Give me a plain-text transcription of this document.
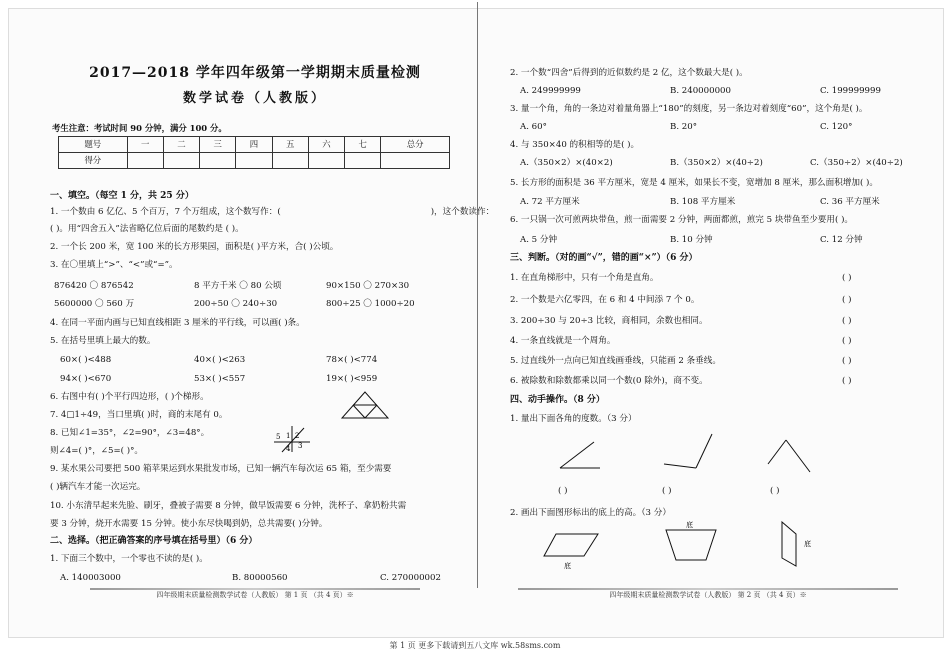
2017—2018 学年四年级第一学期期末质量检测
数学试卷（人教版）
考生注意：考试时间 90 分钟，满分 100 分。
题号	一	二	三	四	五	六	七	总分
得分								
一、填空。（每空 1 分，共 25 分）
1. 一个数由 6 亿亿、5 个百万，7 个万组成，这个数写作：(	)，这个数读作：
( )。用“四舍五入”法省略亿位后面的尾数约是 ( )。
2. 一个长 200 米，宽 100 米的长方形果园，面积是( )平方米，合( )公顷。
3. 在〇里填上“>”、“<”或“=”。
876420 〇 876542	8 平方千米 〇 80 公顷	90×150 〇 270×30
5600000 〇 560 万	200÷50 〇 240÷30	800÷25 〇 1000÷20
4. 在同一平面内画与已知直线相距 3 厘米的平行线，可以画( )条。
5. 在括号里填上最大的数。
60×( )<488	40×( )<263	78×( )<774
94×( )<670	53×( )<557	19×( )<959
6. 右图中有( )个平行四边形，( )个梯形。
7. 4□1÷49，当口里填( )时，商的末尾有 0。
8. 已知∠1=35°，∠2=90°，∠3=48°。
则∠4=( )°，∠5=( )°。
5 1 2
3
4
9. 某水果公司要把 500 箱苹果运到水果批发市场，已知一辆汽车每次运 65 箱，至少需要
( )辆汽车才能一次运完。
10. 小东清早起来先脸、刷牙，叠被子需要 8 分钟，做早饭需要 6 分钟，洗杯子、拿奶粉共需
要 3 分钟，烧开水需要 15 分钟。使小东尽快喝到奶，总共需要( )分钟。
二、选择。（把正确答案的序号填在括号里）（6 分）
1. 下面三个数中，一个零也不读的是( )。
A. 140003000	B. 80000560	C. 270000002
四年级期末质量检测数学试卷（人教版） 第 1 页 （共 4 页）※
2. 一个数“四舍”后得到的近似数约是 2 亿，这个数最大是( )。
A. 249999999	B. 240000000	C. 199999999
3. 量一个角，角的一条边对着量角器上“180”的刻度，另一条边对着刻度“60”，这个角是( )。
A. 60°	B. 20°	C. 120°
4. 与 350×40 的积相等的是( )。
A.（350×2）×(40×2)	B.（350×2）×(40÷2)	C.（350÷2）×(40÷2)
5. 长方形的面积是 36 平方厘米，宽是 4 厘米，如果长不变，宽增加 8 厘米，那么面积增加( )。
A. 72 平方厘米	B. 108 平方厘米	C. 36 平方厘米
6. 一只锅一次可煎两块带鱼，煎一面需要 2 分钟，两面都煎，煎完 5 块带鱼至少要用( )。
A. 5 分钟	B. 10 分钟	C. 12 分钟
三、判断。（对的画“√”，错的画“×”）（6 分）
1. 在直角梯形中，只有一个角是直角。	( )
2. 一个数是六亿零四，在 6 和 4 中间添 7 个 0。	( )
3. 200÷30 与 20÷3 比较，商相同，余数也相同。	( )
4. 一条直线就是一个周角。	( )
5. 过直线外一点向已知直线画垂线，只能画 2 条垂线。	( )
6. 被除数和除数都乘以同一个数(0 除外)，商不变。	( )
四、动手操作。（8 分）
1. 量出下面各角的度数。（3 分）
( )	( )	( )
2. 画出下面图形标出的底上的高。（3 分）
底
底
底
四年级期末质量检测数学试卷（人教版） 第 2 页 （共 4 页）※
第 1 页 更多下载请到五八文库 wk.58sms.com
